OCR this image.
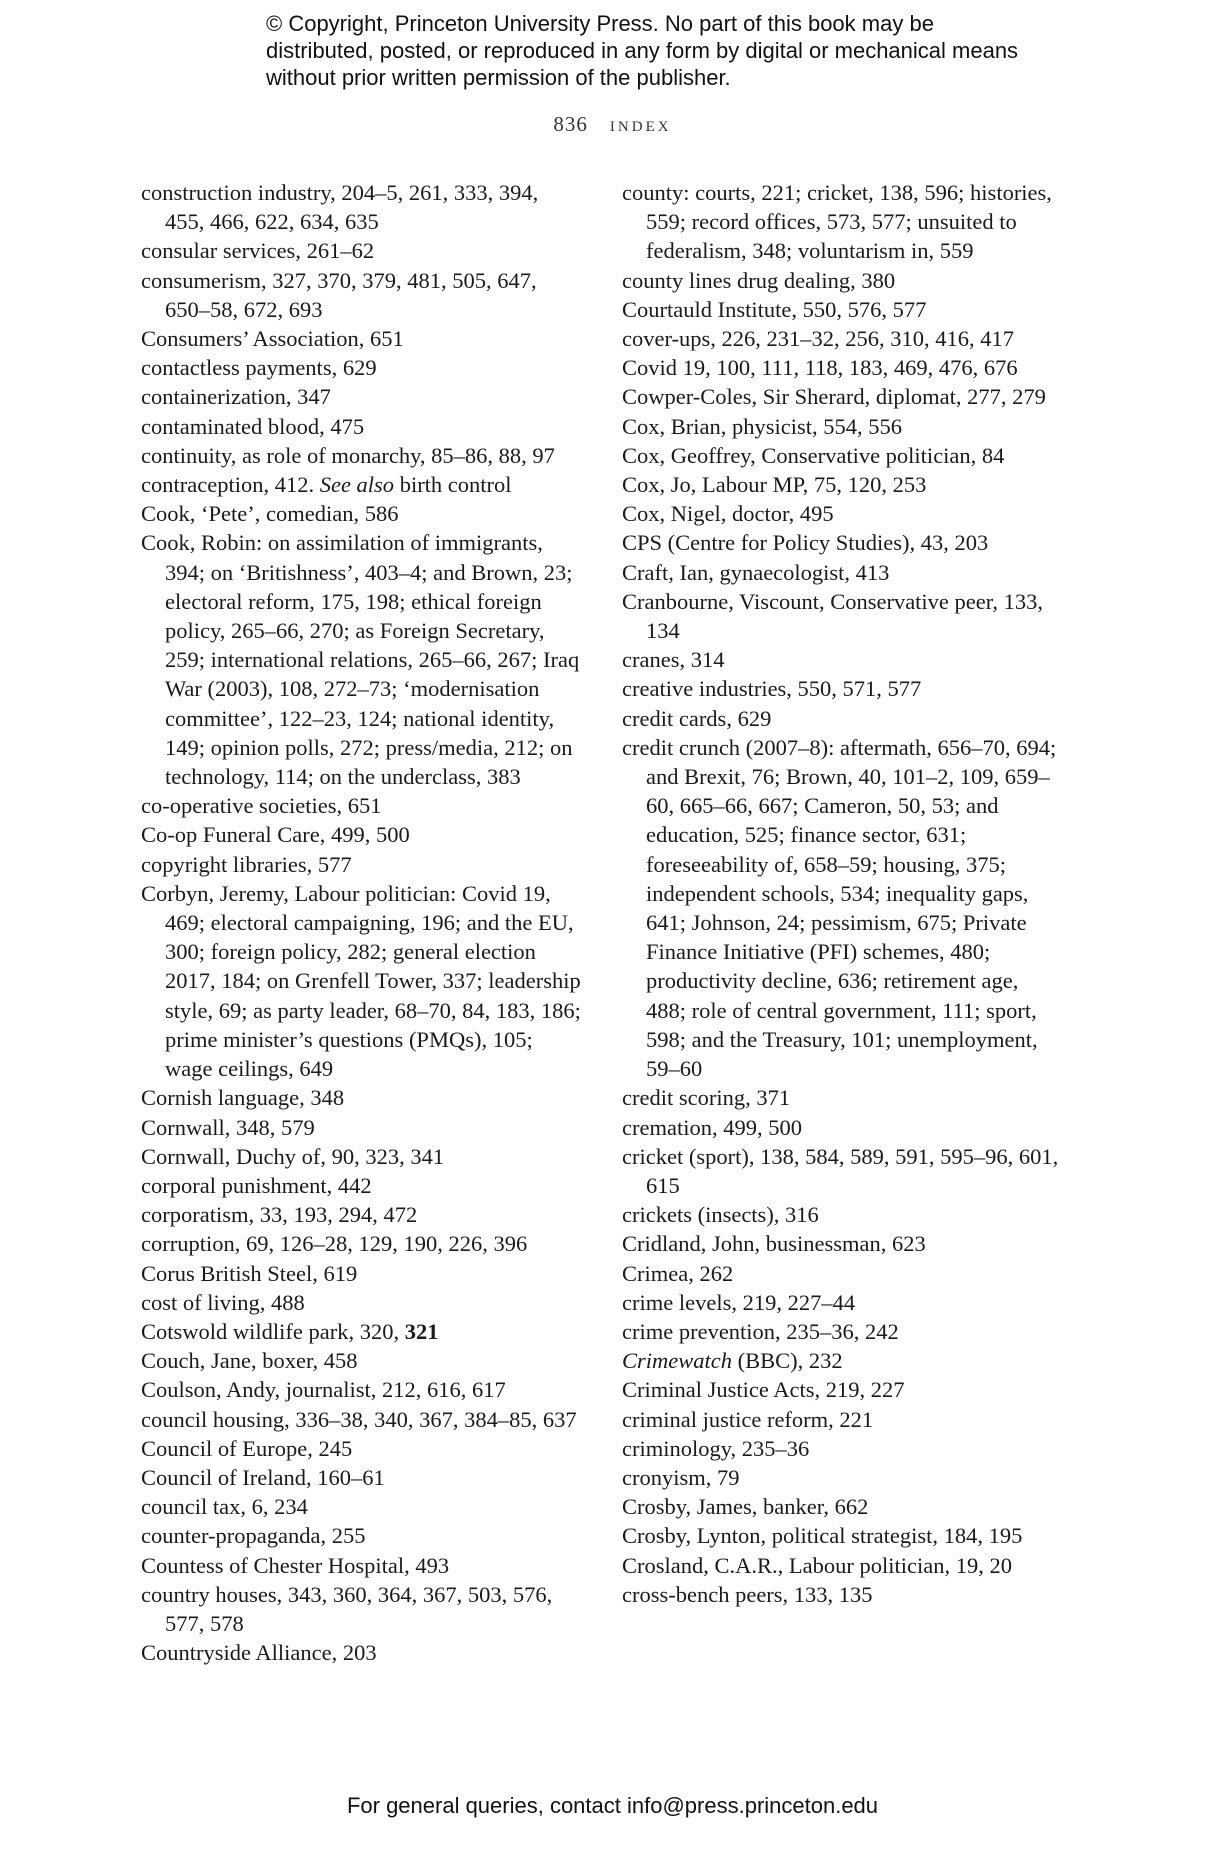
© Copyright, Princeton University Press. No part of this book may be distributed, posted, or reproduced in any form by digital or mechanical means without prior written permission of the publisher.
836 index

construction industry, 204–5, 261, 333, 394, 455, 466, 622, 634, 635

consular services, 261–62

consumerism, 327, 370, 379, 481, 505, 647, 650–58, 672, 693

Consumers’ Association, 651

contactless payments, 629

containerization, 347

contaminated blood, 475

continuity, as role of monarchy, 85–86, 88, 97

contraception, 412. See also birth control

Cook, ‘Pete’, comedian, 586

Cook, Robin: on assimilation of immigrants, 394; on ‘Britishness’, 403–4; and Brown, 23; electoral reform, 175, 198; ethical foreign policy, 265–66, 270; as Foreign Secretary, 259; international relations, 265–66, 267; Iraq War (2003), 108, 272–73; ‘modernisation committee’, 122–23, 124; national identity, 149; opinion polls, 272; press/media, 212; on technology, 114; on the underclass, 383

co-operative societies, 651

Co-op Funeral Care, 499, 500

copyright libraries, 577

Corbyn, Jeremy, Labour politician: Covid 19, 469; electoral campaigning, 196; and the EU, 300; foreign policy, 282; general election 2017, 184; on Grenfell Tower, 337; leadership style, 69; as party leader, 68–70, 84, 183, 186; prime minister’s questions (PMQs), 105; wage ceilings, 649

Cornish language, 348

Cornwall, 348, 579

Cornwall, Duchy of, 90, 323, 341

corporal punishment, 442

corporatism, 33, 193, 294, 472

corruption, 69, 126–28, 129, 190, 226, 396

Corus British Steel, 619

cost of living, 488

Cotswold wildlife park, 320, 321

Couch, Jane, boxer, 458

Coulson, Andy, journalist, 212, 616, 617

council housing, 336–38, 340, 367, 384–85, 637

Council of Europe, 245

Council of Ireland, 160–61

council tax, 6, 234

counter-propaganda, 255

Countess of Chester Hospital, 493

country houses, 343, 360, 364, 367, 503, 576, 577, 578

Countryside Alliance, 203

county: courts, 221; cricket, 138, 596; histories, 559; record offices, 573, 577; unsuited to federalism, 348; voluntarism in, 559

county lines drug dealing, 380

Courtauld Institute, 550, 576, 577

cover-ups, 226, 231–32, 256, 310, 416, 417

Covid 19, 100, 111, 118, 183, 469, 476, 676

Cowper-Coles, Sir Sherard, diplomat, 277, 279

Cox, Brian, physicist, 554, 556

Cox, Geoffrey, Conservative politician, 84

Cox, Jo, Labour MP, 75, 120, 253

Cox, Nigel, doctor, 495

CPS (Centre for Policy Studies), 43, 203

Craft, Ian, gynaecologist, 413

Cranbourne, Viscount, Conservative peer, 133, 134

cranes, 314

creative industries, 550, 571, 577

credit cards, 629

credit crunch (2007–8): aftermath, 656–70, 694; and Brexit, 76; Brown, 40, 101–2, 109, 659–60, 665–66, 667; Cameron, 50, 53; and education, 525; finance sector, 631; foreseeability of, 658–59; housing, 375; independent schools, 534; inequality gaps, 641; Johnson, 24; pessimism, 675; Private Finance Initiative (PFI) schemes, 480; productivity decline, 636; retirement age, 488; role of central government, 111; sport, 598; and the Treasury, 101; unemployment, 59–60

credit scoring, 371

cremation, 499, 500

cricket (sport), 138, 584, 589, 591, 595–96, 601, 615

crickets (insects), 316

Cridland, John, businessman, 623

Crimea, 262

crime levels, 219, 227–44

crime prevention, 235–36, 242

Crimewatch (BBC), 232

Criminal Justice Acts, 219, 227

criminal justice reform, 221

criminology, 235–36

cronyism, 79

Crosby, James, banker, 662

Crosby, Lynton, political strategist, 184, 195

Crosland, C.A.R., Labour politician, 19, 20

cross-bench peers, 133, 135

For general queries, contact info@press.princeton.edu
